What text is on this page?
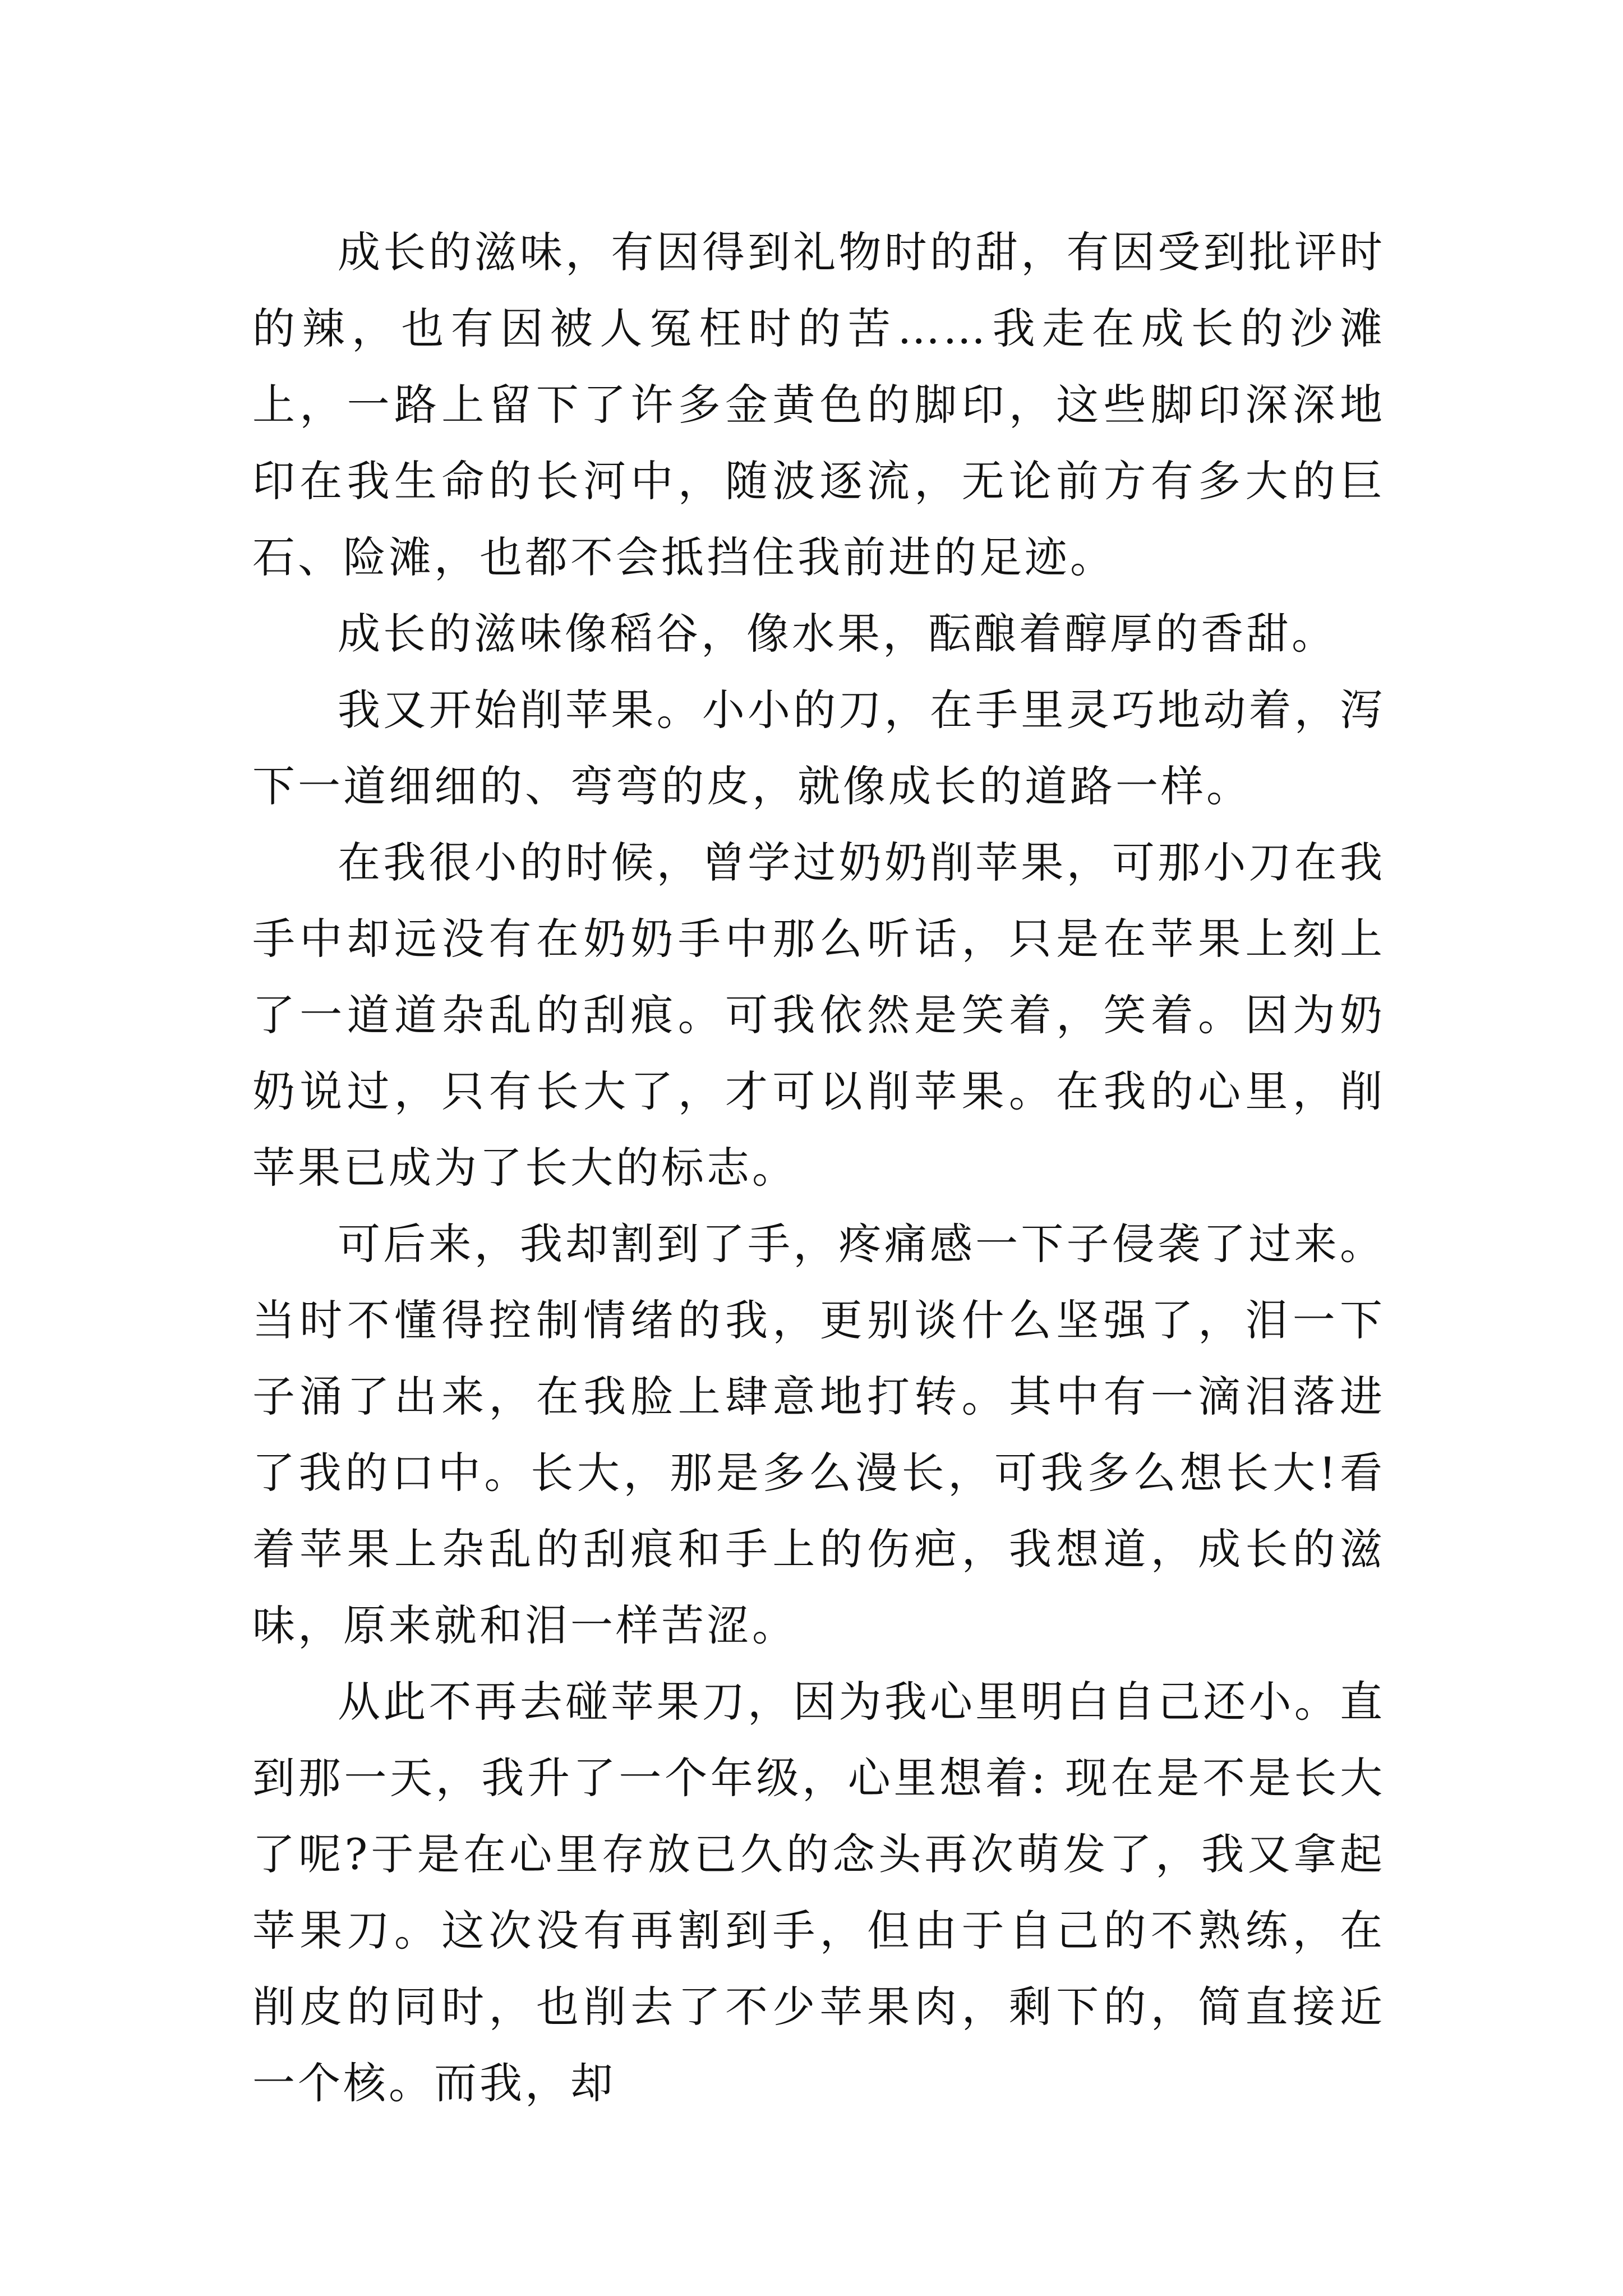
成长的滋味，有因得到礼物时的甜，有因受到批评时的辣，也有因被人冤枉时的苦……我走在成长的沙滩上，一路上留下了许多金黄色的脚印，这些脚印深深地印在我生命的长河中，随波逐流，无论前方有多大的巨石、险滩，也都不会抵挡住我前进的足迹。

成长的滋味像稻谷，像水果，酝酿着醇厚的香甜。

我又开始削苹果。小小的刀，在手里灵巧地动着，泻下一道细细的、弯弯的皮，就像成长的道路一样。

在我很小的时候，曾学过奶奶削苹果，可那小刀在我手中却远没有在奶奶手中那么听话，只是在苹果上刻上了一道道杂乱的刮痕。可我依然是笑着，笑着。因为奶奶说过，只有长大了，才可以削苹果。在我的心里，削苹果已成为了长大的标志。

可后来，我却割到了手，疼痛感一下子侵袭了过来。当时不懂得控制情绪的我，更别谈什么坚强了，泪一下子涌了出来，在我脸上肆意地打转。其中有一滴泪落进了我的口中。长大，那是多么漫长，可我多么想长大!看着苹果上杂乱的刮痕和手上的伤疤，我想道，成长的滋味，原来就和泪一样苦涩。

从此不再去碰苹果刀，因为我心里明白自己还小。直到那一天，我升了一个年级，心里想着: 现在是不是长大了呢?于是在心里存放已久的念头再次萌发了，我又拿起苹果刀。这次没有再割到手，但由于自己的不熟练，在削皮的同时，也削去了不少苹果肉，剩下的，简直接近一个核。而我，却
